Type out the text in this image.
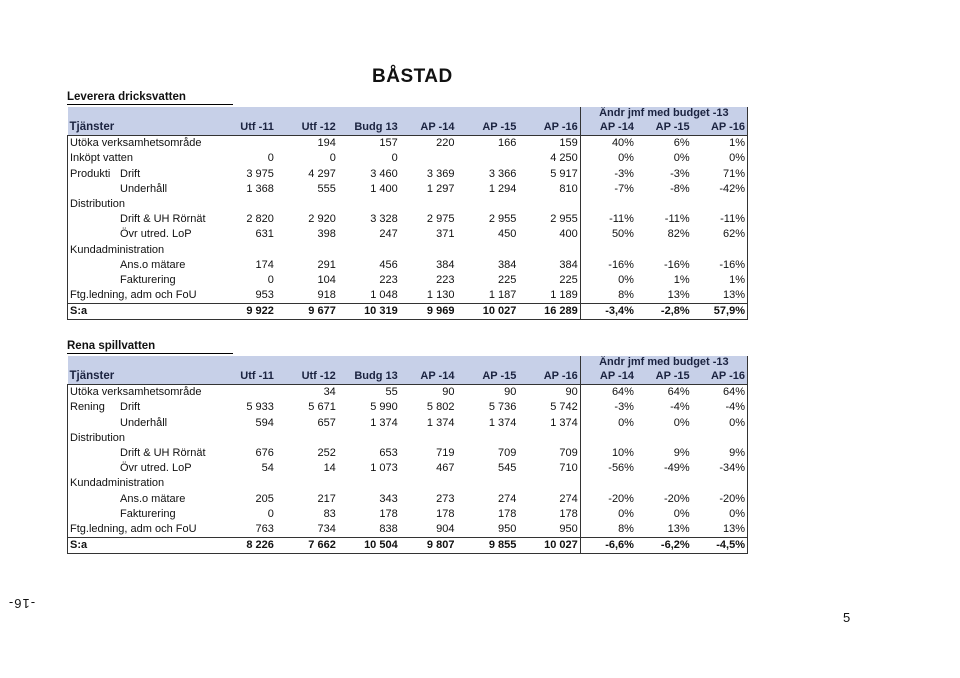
BÅSTAD
Leverera dricksvatten
							Ändr jmf med budget -13		
Tjänster	Utf -11	Utf -12	Budg 13	AP -14	AP -15	AP -16	AP -14	AP -15	AP -16
Utöka verksamhetsområde		194	157	220	166	159	40%	6%	1%
Inköpt vatten	0	0	0			4 250	0%	0%	0%
Produkti Drift	3 975	4 297	3 460	3 369	3 366	5 917	-3%	-3%	71%
Underhåll	1 368	555	1 400	1 297	1 294	810	-7%	-8%	-42%
Distribution									
Drift & UH Rörnät	2 820	2 920	3 328	2 975	2 955	2 955	-11%	-11%	-11%
Övr utred. LoP	631	398	247	371	450	400	50%	82%	62%
Kundadministration									
Ans.o mätare	174	291	456	384	384	384	-16%	-16%	-16%
Fakturering	0	104	223	223	225	225	0%	1%	1%
Ftg.ledning, adm och FoU	953	918	1 048	1 130	1 187	1 189	8%	13%	13%
S:a	9 922	9 677	10 319	9 969	10 027	16 289	-3,4%	-2,8%	57,9%
Rena spillvatten
							Ändr jmf med budget -13		
Tjänster	Utf -11	Utf -12	Budg 13	AP -14	AP -15	AP -16	AP -14	AP -15	AP -16
Utöka verksamhetsområde		34	55	90	90	90	64%	64%	64%
Rening Drift	5 933	5 671	5 990	5 802	5 736	5 742	-3%	-4%	-4%
Underhåll	594	657	1 374	1 374	1 374	1 374	0%	0%	0%
Distribution									
Drift & UH Rörnät	676	252	653	719	709	709	10%	9%	9%
Övr utred. LoP	54	14	1 073	467	545	710	-56%	-49%	-34%
Kundadministration									
Ans.o mätare	205	217	343	273	274	274	-20%	-20%	-20%
Fakturering	0	83	178	178	178	178	0%	0%	0%
Ftg.ledning, adm och FoU	763	734	838	904	950	950	8%	13%	13%
S:a	8 226	7 662	10 504	9 807	9 855	10 027	-6,6%	-6,2%	-4,5%
-16-
5
